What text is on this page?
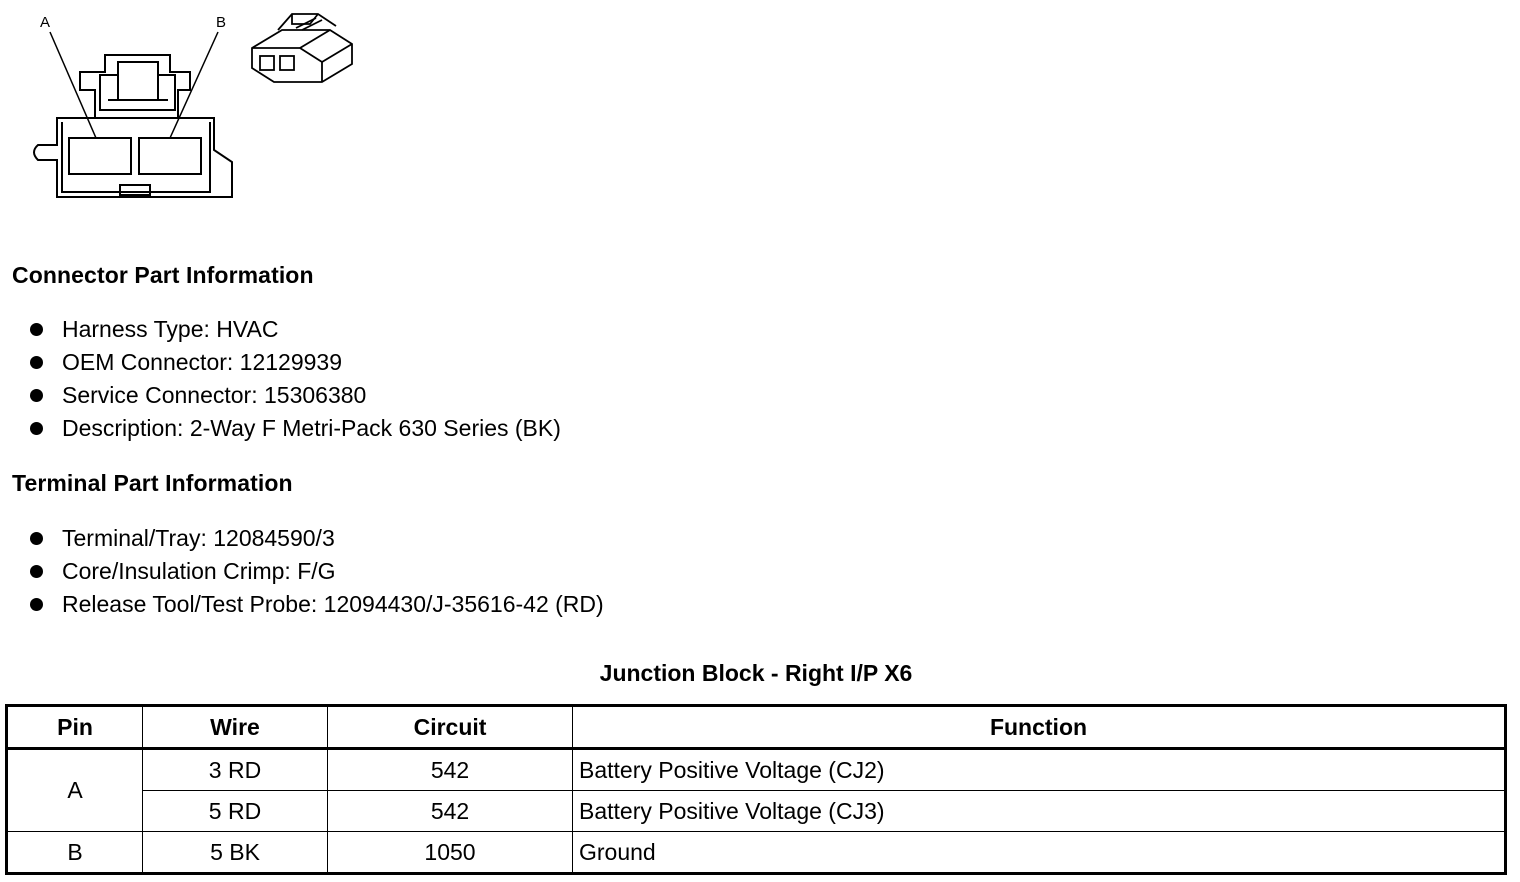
A	B
Connector Part Information
Harness Type: HVAC
OEM Connector: 12129939
Service Connector: 15306380
Description: 2-Way F Metri-Pack 630 Series (BK)
Terminal Part Information
Terminal/Tray: 12084590/3
Core/Insulation Crimp: F/G
Release Tool/Test Probe: 12094430/J-35616-42 (RD)
Junction Block - Right I/P X6
Pin	Wire	Circuit	Function
A	3 RD	542	Battery Positive Voltage (CJ2)
	5 RD	542	Battery Positive Voltage (CJ3)
B	5 BK	1050	Ground
